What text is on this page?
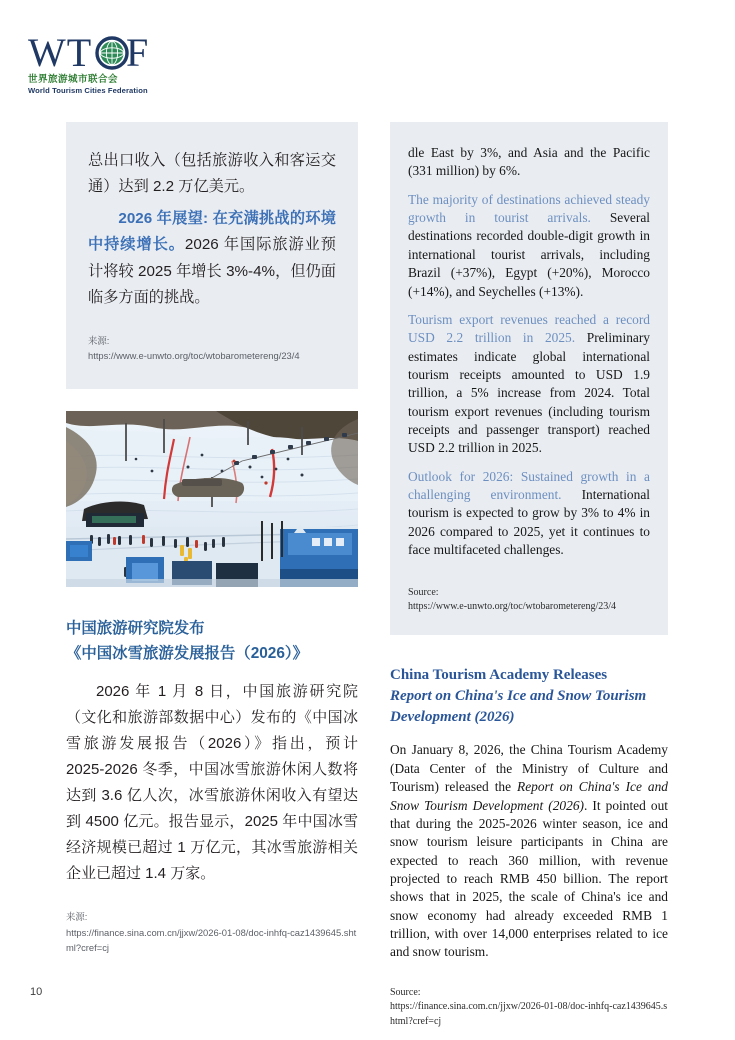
WT F
世界旅游城市联合会
World Tourism Cities Federation
总出口收入（包括旅游收入和客运交通）达到 2.2 万亿美元。
2026 年展望: 在充满挑战的环境中持续增长。2026 年国际旅游业预计将较 2025 年增长 3%-4%，但仍面临多方面的挑战。
来源:
https://www.e-unwto.org/toc/wtobarometereng/23/4
中国旅游研究院发布
《中国冰雪旅游发展报告（2026）》
2026 年 1 月 8 日，中国旅游研究院（文化和旅游部数据中心）发布的《中国冰雪旅游发展报告（2026）》指出，预计 2025-2026 冬季，中国冰雪旅游休闲人数将达到 3.6 亿人次，冰雪旅游休闲收入有望达到 4500 亿元。报告显示，2025 年中国冰雪经济规模已超过 1 万亿元，其冰雪旅游相关企业已超过 1.4 万家。
来源:
https://finance.sina.com.cn/jjxw/2026-01-08/doc-inhfq-caz1439645.shtml?cref=cj

dle East by 3%, and Asia and the Pacific (331 million) by 6%.

The majority of destinations achieved steady growth in tourist arrivals. Several destinations recorded double-digit growth in international tourist arrivals, including Brazil (+37%), Egypt (+20%), Morocco (+14%), and Seychelles (+13%).

Tourism export revenues reached a record USD 2.2 trillion in 2025. Preliminary estimates indicate global international tourism receipts amounted to USD 1.9 trillion, a 5% increase from 2024. Total tourism export revenues (including tourism receipts and passenger transport) reached USD 2.2 trillion in 2025.

Outlook for 2026: Sustained growth in a challenging environment. International tourism is expected to grow by 3% to 4% in 2026 compared to 2025, yet it continues to face multifaceted challenges.

Source:
https://www.e-unwto.org/toc/wtobarometereng/23/4
China Tourism Academy Releases
Report on China's Ice and Snow Tourism Development (2026)

On January 8, 2026, the China Tourism Academy (Data Center of the Ministry of Culture and Tourism) released the Report on China's Ice and Snow Tourism Development (2026). It pointed out that during the 2025-2026 winter season, ice and snow tourism leisure participants in China are expected to reach 360 million, with revenue projected to reach RMB 450 billion. The report shows that in 2025, the scale of China's ice and snow economy had already exceeded RMB 1 trillion, with over 14,000 enterprises related to ice and snow tourism.

Source:
https://finance.sina.com.cn/jjxw/2026-01-08/doc-inhfq-caz1439645.shtml?cref=cj
10
